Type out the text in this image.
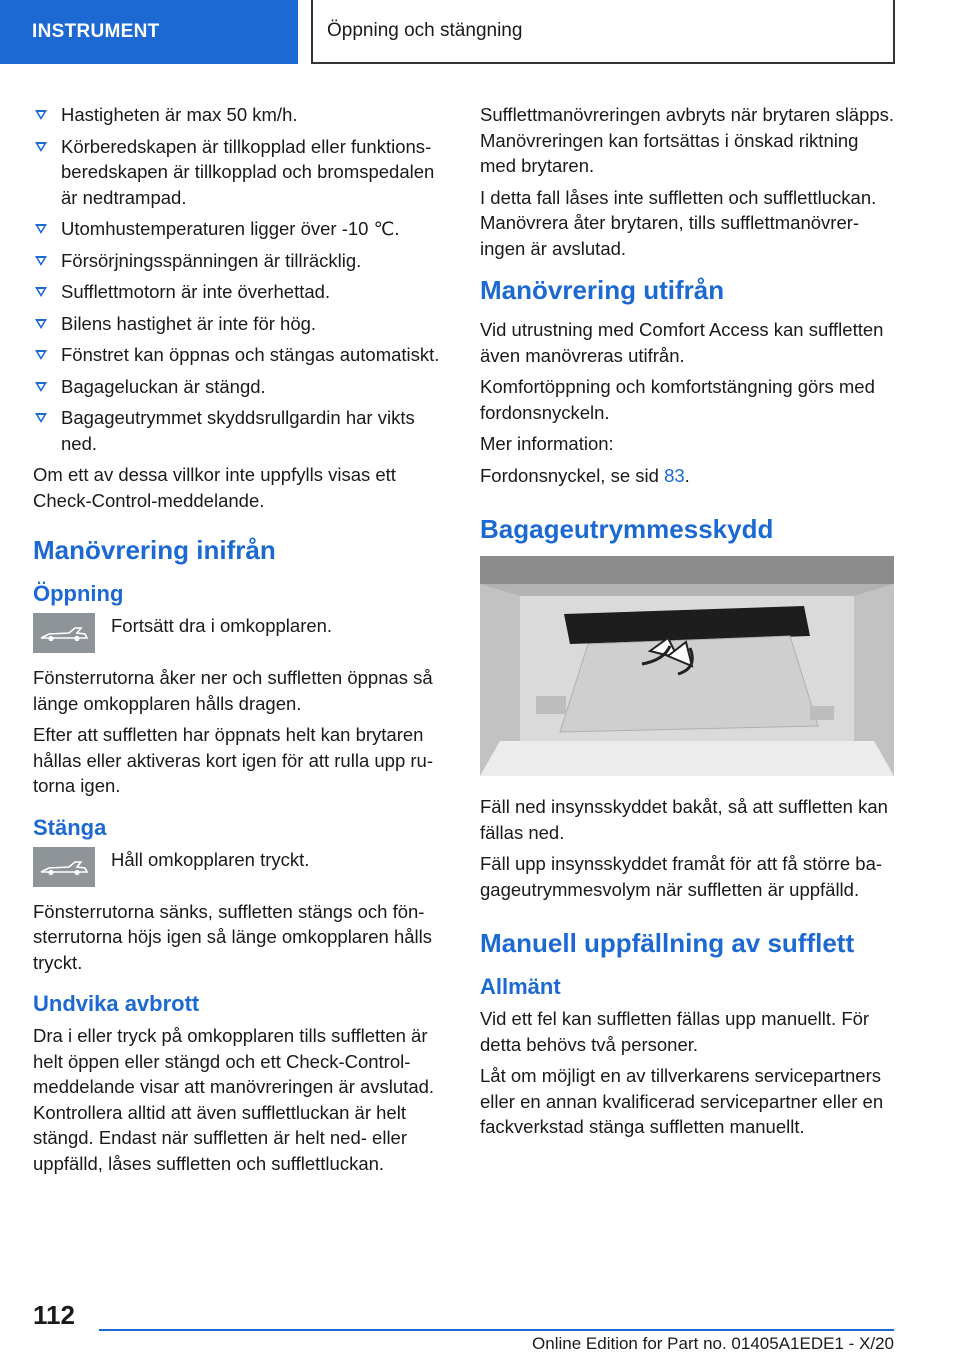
INSTRUMENT	Öppning och stängning
Hastigheten är max 50 km/h.
Körberedskapen är tillkopplad eller funktionsberedskapen är tillkopplad och bromspedalen är nedtrampad.
Utomhustemperaturen ligger över -10 ℃.
Försörjningsspänningen är tillräcklig.
Sufflettmotorn är inte överhettad.
Bilens hastighet är inte för hög.
Fönstret kan öppnas och stängas automatiskt.
Bagageluckan är stängd.
Bagageutrymmet skyddsrullgardin har vikts ned.

Om ett av dessa villkor inte uppfylls visas ett Check-Control-meddelande.

Manövrering inifrån
Öppning
Fortsätt dra i omkopplaren.

Fönsterrutorna åker ner och suffletten öppnas så länge omkopplaren hålls dragen.

Efter att suffletten har öppnats helt kan brytaren hållas eller aktiveras kort igen för att rulla upp rutorna igen.

Stänga
Håll omkopplaren tryckt.

Fönsterrutorna sänks, suffletten stängs och fönsterrutorna höjs igen så länge omkopplaren hålls tryckt.

Undvika avbrott

Dra i eller tryck på omkopplaren tills suffletten är helt öppen eller stängd och ett Check-Control-meddelande visar att manövreringen är avslutad. Kontrollera alltid att även sufflettluckan är helt stängd. Endast när suffletten är helt ned- eller uppfälld, låses suffletten och sufflettluckan.

Sufflettmanövreringen avbryts när brytaren släpps. Manövreringen kan fortsättas i önskad riktning med brytaren.

I detta fall låses inte suffletten och sufflettluckan. Manövrera åter brytaren, tills sufflettmanövreringen är avslutad.

Manövrering utifrån

Vid utrustning med Comfort Access kan suffletten även manövreras utifrån.

Komfortöppning och komfortstängning görs med fordonsnyckeln.

Mer information:

Fordonsnyckel, se sid 83.

Bagageutrymmesskydd

Fäll ned insynsskyddet bakåt, så att suffletten kan fällas ned.

Fäll upp insynsskyddet framåt för att få större bagageutrymmesvolym när suffletten är uppfälld.

Manuell uppfällning av sufflett
Allmänt

Vid ett fel kan suffletten fällas upp manuellt. För detta behövs två personer.

Låt om möjligt en av tillverkarens servicepartners eller en annan kvalificerad servicepartner eller en fackverkstad stänga suffletten manuellt.

112
Online Edition for Part no. 01405A1EDE1 - X/20
